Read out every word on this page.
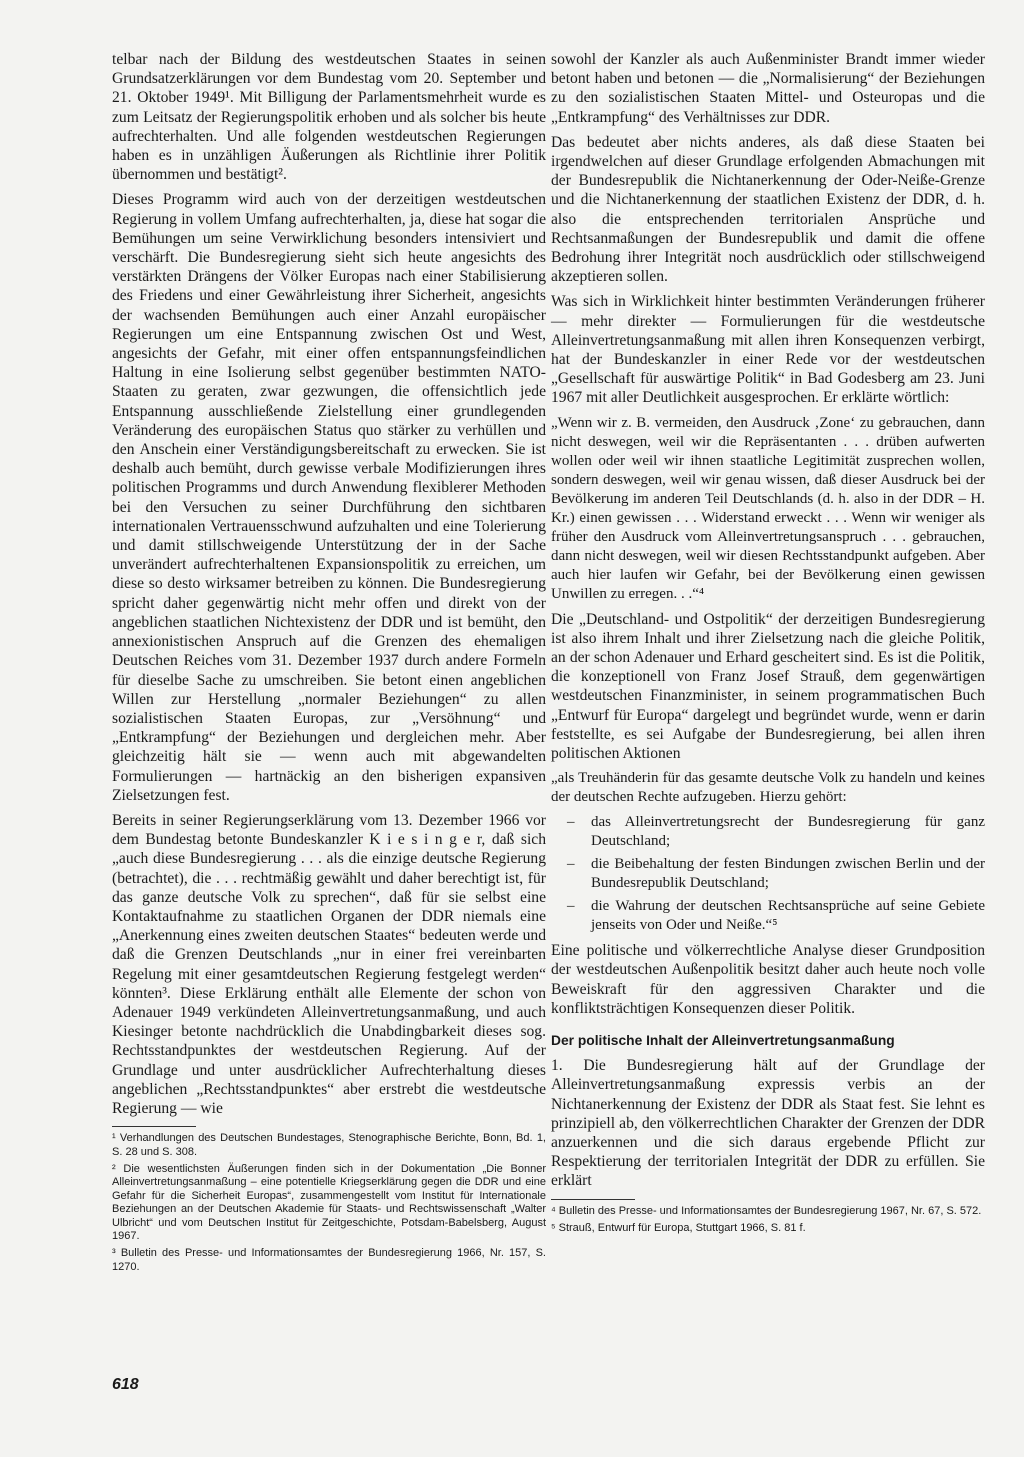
telbar nach der Bildung des westdeutschen Staates in seinen Grundsatzerklärungen vor dem Bundestag vom 20. September und 21. Oktober 1949¹. Mit Billigung der Parlamentsmehrheit wurde es zum Leitsatz der Regierungspolitik erhoben und als solcher bis heute aufrechterhalten. Und alle folgenden westdeutschen Regierungen haben es in unzähligen Äußerungen als Richtlinie ihrer Politik übernommen und bestätigt².

Dieses Programm wird auch von der derzeitigen westdeutschen Regierung in vollem Umfang aufrechterhalten, ja, diese hat sogar die Bemühungen um seine Verwirklichung besonders intensiviert und verschärft. Die Bundesregierung sieht sich heute angesichts des verstärkten Drängens der Völker Europas nach einer Stabilisierung des Friedens und einer Gewährleistung ihrer Sicherheit, angesichts der wachsenden Bemühungen auch einer Anzahl europäischer Regierungen um eine Entspannung zwischen Ost und West, angesichts der Gefahr, mit einer offen entspannungsfeindlichen Haltung in eine Isolierung selbst gegenüber bestimmten NATO-Staaten zu geraten, zwar gezwungen, die offensichtlich jede Entspannung ausschließende Zielstellung einer grundlegenden Veränderung des europäischen Status quo stärker zu verhüllen und den Anschein einer Verständigungsbereitschaft zu erwecken. Sie ist deshalb auch bemüht, durch gewisse verbale Modifizierungen ihres politischen Programms und durch Anwendung flexiblerer Methoden bei den Versuchen zu seiner Durchführung den sichtbaren internationalen Vertrauensschwund aufzuhalten und eine Tolerierung und damit stillschweigende Unterstützung der in der Sache unverändert aufrechterhaltenen Expansionspolitik zu erreichen, um diese so desto wirksamer betreiben zu können. Die Bundesregierung spricht daher gegenwärtig nicht mehr offen und direkt von der angeblichen staatlichen Nichtexistenz der DDR und ist bemüht, den annexionistischen Anspruch auf die Grenzen des ehemaligen Deutschen Reiches vom 31. Dezember 1937 durch andere Formeln für dieselbe Sache zu umschreiben. Sie betont einen angeblichen Willen zur Herstellung „normaler Beziehungen“ zu allen sozialistischen Staaten Europas, zur „Versöhnung“ und „Entkrampfung“ der Beziehungen und dergleichen mehr. Aber gleichzeitig hält sie — wenn auch mit abgewandelten Formulierungen — hartnäckig an den bisherigen expansiven Zielsetzungen fest.

Bereits in seiner Regierungserklärung vom 13. Dezember 1966 vor dem Bundestag betonte Bundeskanzler K i e s i n g e r, daß sich „auch diese Bundesregierung . . . als die einzige deutsche Regierung (betrachtet), die . . . rechtmäßig gewählt und daher berechtigt ist, für das ganze deutsche Volk zu sprechen“, daß für sie selbst eine Kontaktaufnahme zu staatlichen Organen der DDR niemals eine „Anerkennung eines zweiten deutschen Staates“ bedeuten werde und daß die Grenzen Deutschlands „nur in einer frei vereinbarten Regelung mit einer gesamtdeutschen Regierung festgelegt werden“ könnten³. Diese Erklärung enthält alle Elemente der schon von Adenauer 1949 verkündeten Alleinvertretungsanmaßung, und auch Kiesinger betonte nachdrücklich die Unabdingbarkeit dieses sog. Rechtsstandpunktes der westdeutschen Regierung. Auf der Grundlage und unter ausdrücklicher Aufrechterhaltung dieses angeblichen „Rechtsstandpunktes“ aber erstrebt die westdeutsche Regierung — wie

¹ Verhandlungen des Deutschen Bundestages, Stenographische Berichte, Bonn, Bd. 1, S. 28 und S. 308.

² Die wesentlichsten Äußerungen finden sich in der Dokumentation „Die Bonner Alleinvertretungsanmaßung – eine potentielle Kriegserklärung gegen die DDR und eine Gefahr für die Sicherheit Europas“, zusammengestellt vom Institut für Internationale Beziehungen an der Deutschen Akademie für Staats- und Rechtswissenschaft „Walter Ulbricht“ und vom Deutschen Institut für Zeitgeschichte, Potsdam-Babelsberg, August 1967.

³ Bulletin des Presse- und Informationsamtes der Bundesregierung 1966, Nr. 157, S. 1270.

sowohl der Kanzler als auch Außenminister Brandt immer wieder betont haben und betonen — die „Normalisierung“ der Beziehungen zu den sozialistischen Staaten Mittel- und Osteuropas und die „Entkrampfung“ des Verhältnisses zur DDR.

Das bedeutet aber nichts anderes, als daß diese Staaten bei irgendwelchen auf dieser Grundlage erfolgenden Abmachungen mit der Bundesrepublik die Nichtanerkennung der Oder-Neiße-Grenze und die Nichtanerkennung der staatlichen Existenz der DDR, d. h. also die entsprechenden territorialen Ansprüche und Rechtsanmaßungen der Bundesrepublik und damit die offene Bedrohung ihrer Integrität noch ausdrücklich oder stillschweigend akzeptieren sollen.

Was sich in Wirklichkeit hinter bestimmten Veränderungen früherer — mehr direkter — Formulierungen für die westdeutsche Alleinvertretungsanmaßung mit allen ihren Konsequenzen verbirgt, hat der Bundeskanzler in einer Rede vor der westdeutschen „Gesellschaft für auswärtige Politik“ in Bad Godesberg am 23. Juni 1967 mit aller Deutlichkeit ausgesprochen. Er erklärte wörtlich:

„Wenn wir z. B. vermeiden, den Ausdruck ‚Zone‘ zu gebrauchen, dann nicht deswegen, weil wir die Repräsentanten . . . drüben aufwerten wollen oder weil wir ihnen staatliche Legitimität zusprechen wollen, sondern deswegen, weil wir genau wissen, daß dieser Ausdruck bei der Bevölkerung im anderen Teil Deutschlands (d. h. also in der DDR – H. Kr.) einen gewissen . . . Widerstand erweckt . . . Wenn wir weniger als früher den Ausdruck vom Alleinvertretungsanspruch . . . gebrauchen, dann nicht deswegen, weil wir diesen Rechtsstandpunkt aufgeben. Aber auch hier laufen wir Gefahr, bei der Bevölkerung einen gewissen Unwillen zu erregen. . .“⁴

Die „Deutschland- und Ostpolitik“ der derzeitigen Bundesregierung ist also ihrem Inhalt und ihrer Zielsetzung nach die gleiche Politik, an der schon Adenauer und Erhard gescheitert sind. Es ist die Politik, die konzeptionell von Franz Josef Strauß, dem gegenwärtigen westdeutschen Finanzminister, in seinem programmatischen Buch „Entwurf für Europa“ dargelegt und begründet wurde, wenn er darin feststellte, es sei Aufgabe der Bundesregierung, bei allen ihren politischen Aktionen

„als Treuhänderin für das gesamte deutsche Volk zu handeln und keines der deutschen Rechte aufzugeben. Hierzu gehört:

– das Alleinvertretungsrecht der Bundesregierung für ganz Deutschland;
– die Beibehaltung der festen Bindungen zwischen Berlin und der Bundesrepublik Deutschland;
– die Wahrung der deutschen Rechtsansprüche auf seine Gebiete jenseits von Oder und Neiße.“⁵

Eine politische und völkerrechtliche Analyse dieser Grundposition der westdeutschen Außenpolitik besitzt daher auch heute noch volle Beweiskraft für den aggressiven Charakter und die konfliktsträchtigen Konsequenzen dieser Politik.

Der politische Inhalt der Alleinvertretungsanmaßung

1. Die Bundesregierung hält auf der Grundlage der Alleinvertretungsanmaßung expressis verbis an der Nichtanerkennung der Existenz der DDR als Staat fest. Sie lehnt es prinzipiell ab, den völkerrechtlichen Charakter der Grenzen der DDR anzuerkennen und die sich daraus ergebende Pflicht zur Respektierung der territorialen Integrität der DDR zu erfüllen. Sie erklärt

⁴ Bulletin des Presse- und Informationsamtes der Bundesregierung 1967, Nr. 67, S. 572.

⁵ Strauß, Entwurf für Europa, Stuttgart 1966, S. 81 f.

618
